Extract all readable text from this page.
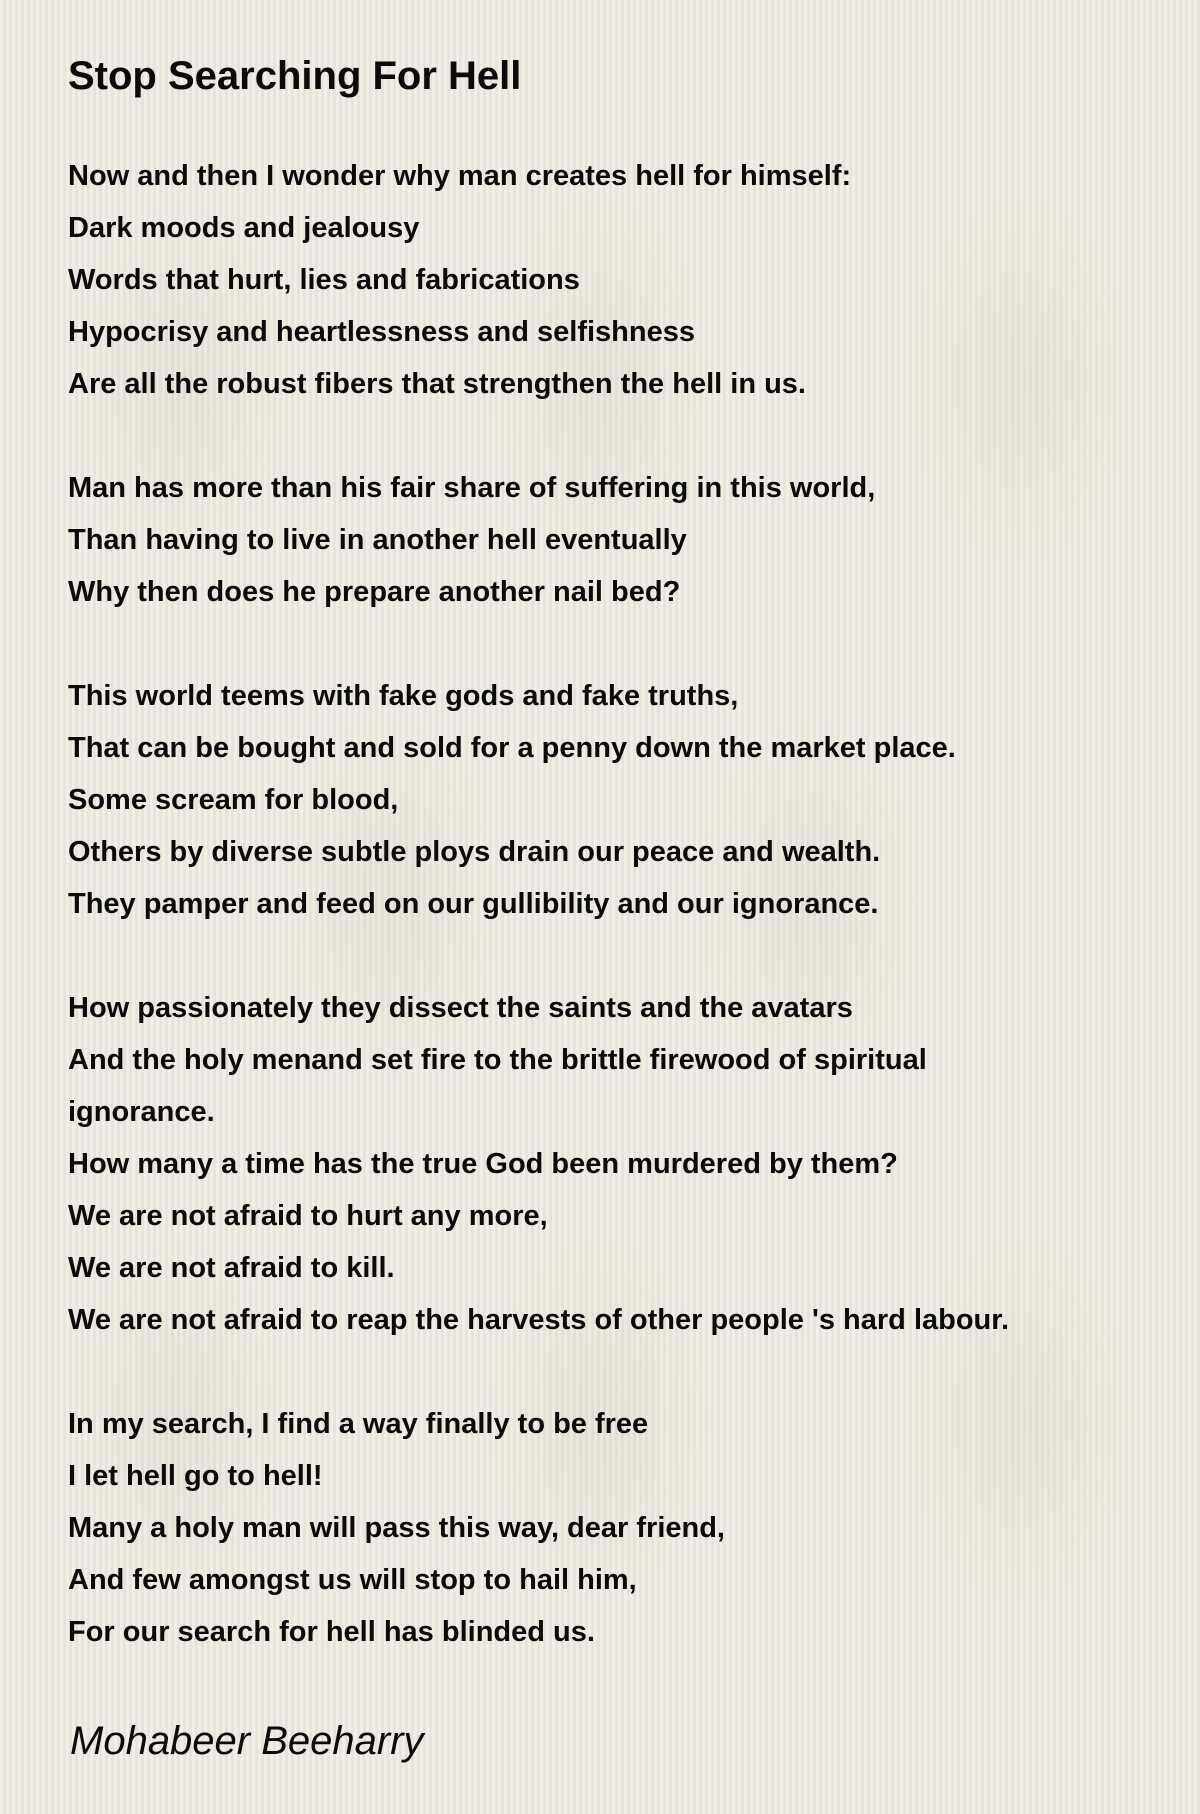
Stop Searching For Hell
Now and then I wonder why man creates hell for himself:
Dark moods and jealousy
Words that hurt, lies and fabrications
Hypocrisy and heartlessness and selfishness
Are all the robust fibers that strengthen the hell in us.
Man has more than his fair share of suffering in this world,
Than having to live in another hell eventually
Why then does he prepare another nail bed?
This world teems with fake gods and fake truths,
That can be bought and sold for a penny down the market place.
Some scream for blood,
Others by diverse subtle ploys drain our peace and wealth.
They pamper and feed on our gullibility and our ignorance.
How passionately they dissect the saints and the avatars
And the holy menand set fire to the brittle firewood of spiritual
ignorance.
How many a time has the true God been murdered by them?
We are not afraid to hurt any more,
We are not afraid to kill.
We are not afraid to reap the harvests of other people 's hard labour.
In my search, I find a way finally to be free
I let hell go to hell!
Many a holy man will pass this way, dear friend,
And few amongst us will stop to hail him,
For our search for hell has blinded us.
Mohabeer Beeharry
